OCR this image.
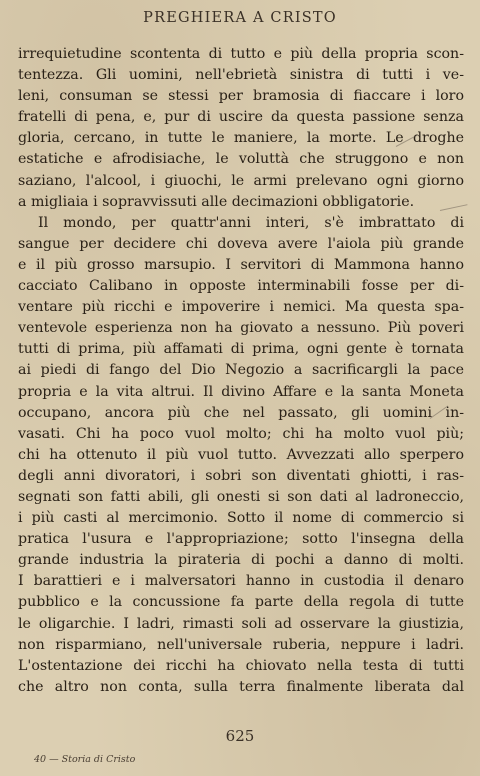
PREGHIERA A CRISTO
irrequietudine scontenta di tutto e più della propria scon-
tentezza. Gli uomini, nell'ebrietà sinistra di tutti i ve-
leni, consuman se stessi per bramosia di fiaccare i loro
fratelli di pena, e, pur di uscire da questa passione senza
gloria, cercano, in tutte le maniere, la morte. Le droghe
estatiche e afrodisiache, le voluttà che struggono e non
saziano, l'alcool, i giuochi, le armi prelevano ogni giorno
a migliaia i sopravvissuti alle decimazioni obbligatorie.
Il mondo, per quattr'anni interi, s'è imbrattato di
sangue per decidere chi doveva avere l'aiola più grande
e il più grosso marsupio. I servitori di Mammona hanno
cacciato Calibano in opposte interminabili fosse per di-
ventare più ricchi e impoverire i nemici. Ma questa spa-
ventevole esperienza non ha giovato a nessuno. Più poveri
tutti di prima, più affamati di prima, ogni gente è tornata
ai piedi di fango del Dio Negozio a sacrificargli la pace
propria e la vita altrui. Il divino Affare e la santa Moneta
occupano, ancora più che nel passato, gli uomini in-
vasati. Chi ha poco vuol molto; chi ha molto vuol più;
chi ha ottenuto il più vuol tutto. Avvezzati allo sperpero
degli anni divoratori, i sobri son diventati ghiotti, i ras-
segnati son fatti abili, gli onesti si son dati al ladroneccio,
i più casti al mercimonio. Sotto il nome di commercio si
pratica l'usura e l'appropriazione; sotto l'insegna della
grande industria la pirateria di pochi a danno di molti.
I barattieri e i malversatori hanno in custodia il denaro
pubblico e la concussione fa parte della regola di tutte
le oligarchie. I ladri, rimasti soli ad osservare la giustizia,
non risparmiano, nell'universale ruberia, neppure i ladri.
L'ostentazione dei ricchi ha chiovato nella testa di tutti
che altro non conta, sulla terra finalmente liberata dal
625
40 — Storia di Cristo
